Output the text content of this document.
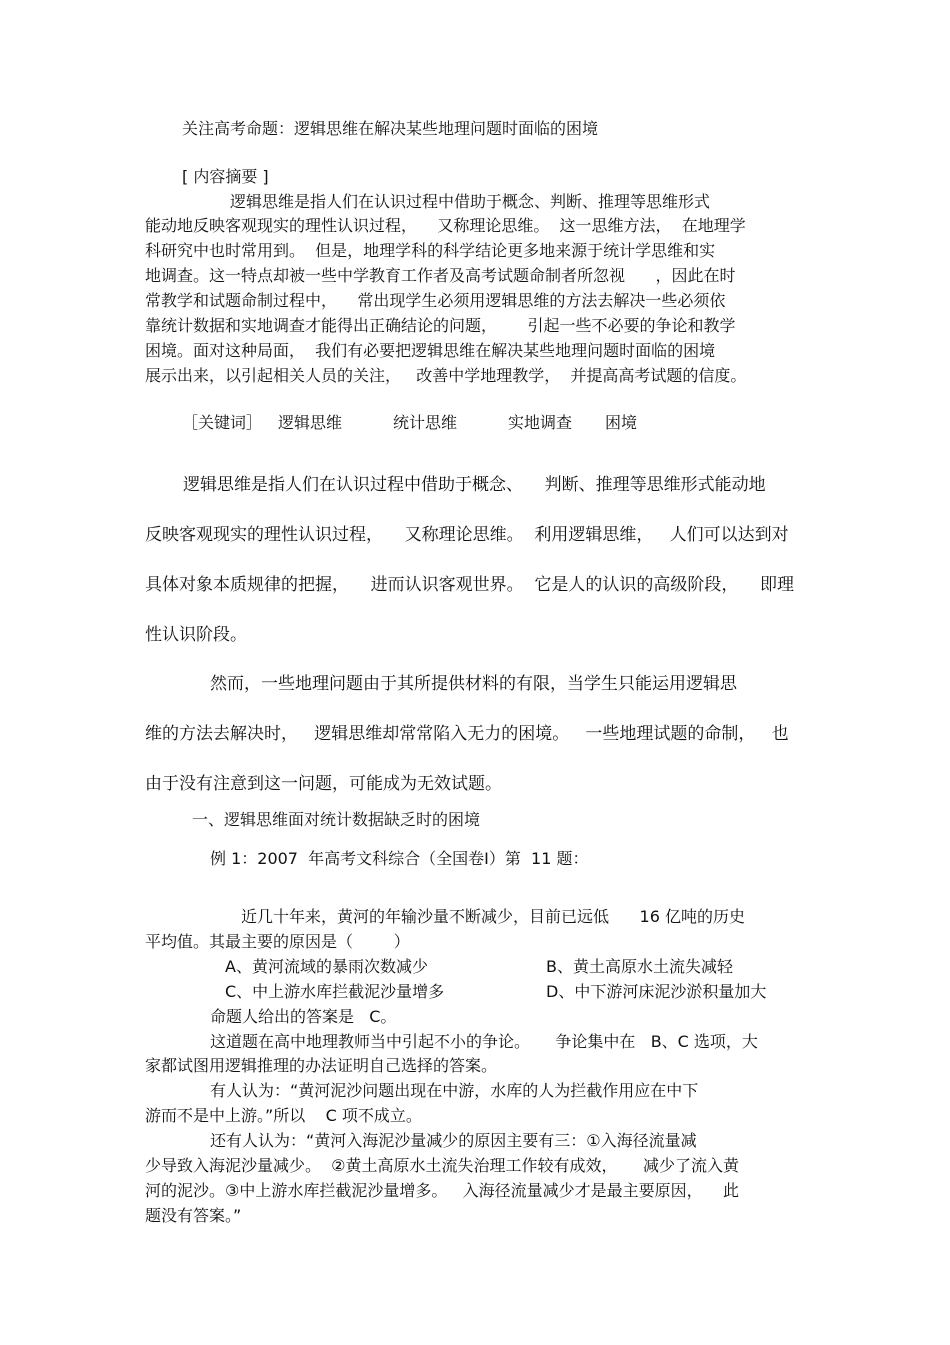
关注高考命题：逻辑思维在解决某些地理问题时面临的困境
[ 内容摘要 ]
逻辑思维是指人们在认识过程中借助于概念、判断、推理等思维形式
能动地反映客观现实的理性认识过程，    又称理论思维。  这一思维方法，  在地理学
科研究中也时常用到。  但是，地理学科的科学结论更多地来源于统计学思维和实
地调查。这一特点却被一些中学教育工作者及高考试题命制者所忽视      ，因此在时
常教学和试题命制过程中，    常出现学生必须用逻辑思维的方法去解决一些必须依
靠统计数据和实地调查才能得出正确结论的问题，      引起一些不必要的争论和教学
困境。面对这种局面，  我们有必要把逻辑思维在解决某些地理问题时面临的困境
展示出来，以引起相关人员的关注，   改善中学地理教学，  并提高高考试题的信度。
［关键词］ 逻辑思维	统计思维	实地调查 困境
逻辑思维是指人们在认识过程中借助于概念、    判断、推理等思维形式能动地
反映客观现实的理性认识过程，    又称理论思维。  利用逻辑思维，   人们可以达到对
具体对象本质规律的把握，    进而认识客观世界。  它是人的认识的高级阶段，    即理
性认识阶段。
然而，一些地理问题由于其所提供材料的有限，当学生只能运用逻辑思
维的方法去解决时，   逻辑思维却常常陷入无力的困境。   一些地理试题的命制，   也
由于没有注意到这一问题，可能成为无效试题。
一、逻辑思维面对统计数据缺乏时的困境
例 1：2007  年高考文科综合（全国卷Ⅰ）第  11 题：
近几十年来，黄河的年输沙量不断减少，目前已远低      16 亿吨的历史
平均值。其最主要的原因是（        ）
A、黄河流域的暴雨次数减少	B、黄土高原水土流失减轻
C、中上游水库拦截泥沙量增多	D、中下游河床泥沙淤积量加大
命题人给出的答案是   C。
这道题在高中地理教师当中引起不小的争论。     争论集中在   B、C 选项，大
家都试图用逻辑推理的办法证明自己选择的答案。
有人认为：“黄河泥沙问题出现在中游，水库的人为拦截作用应在中下
游而不是中上游。”所以    C 项不成立。
还有人认为：“黄河入海泥沙量减少的原因主要有三：①入海径流量减
少导致入海泥沙量减少。  ②黄土高原水土流失治理工作较有成效，     减少了流入黄
河的泥沙。③中上游水库拦截泥沙量增多。   入海径流量减少才是最主要原因，    此
题没有答案。”
